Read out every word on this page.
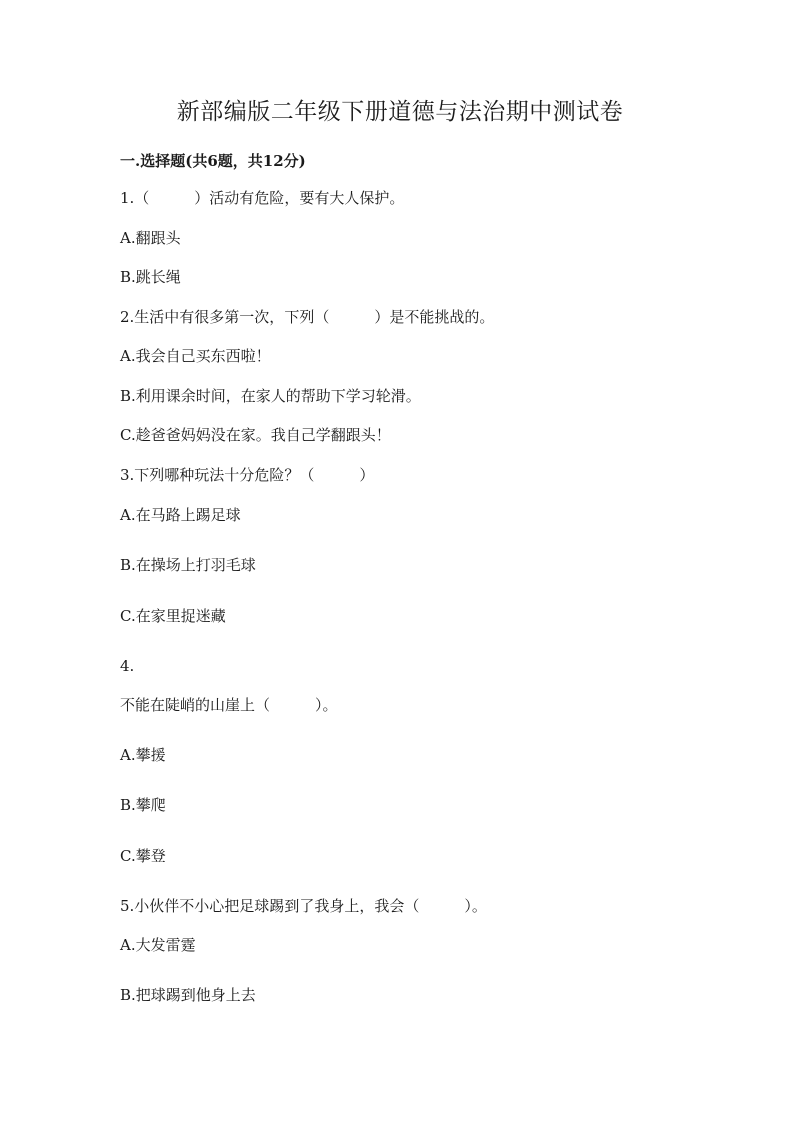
新部编版二年级下册道德与法治期中测试卷
一.选择题(共6题，共12分)
1.（　　　）活动有危险，要有大人保护。
A.翻跟头
B.跳长绳
2.生活中有很多第一次，下列（　　　）是不能挑战的。
A.我会自己买东西啦！
B.利用课余时间，在家人的帮助下学习轮滑。
C.趁爸爸妈妈没在家。我自己学翻跟头！
3.下列哪种玩法十分危险？（　　　）
A.在马路上踢足球
B.在操场上打羽毛球
C.在家里捉迷藏
4.
不能在陡峭的山崖上（　　　）。
A.攀援
B.攀爬
C.攀登
5.小伙伴不小心把足球踢到了我身上，我会（　　　）。
A.大发雷霆
B.把球踢到他身上去
